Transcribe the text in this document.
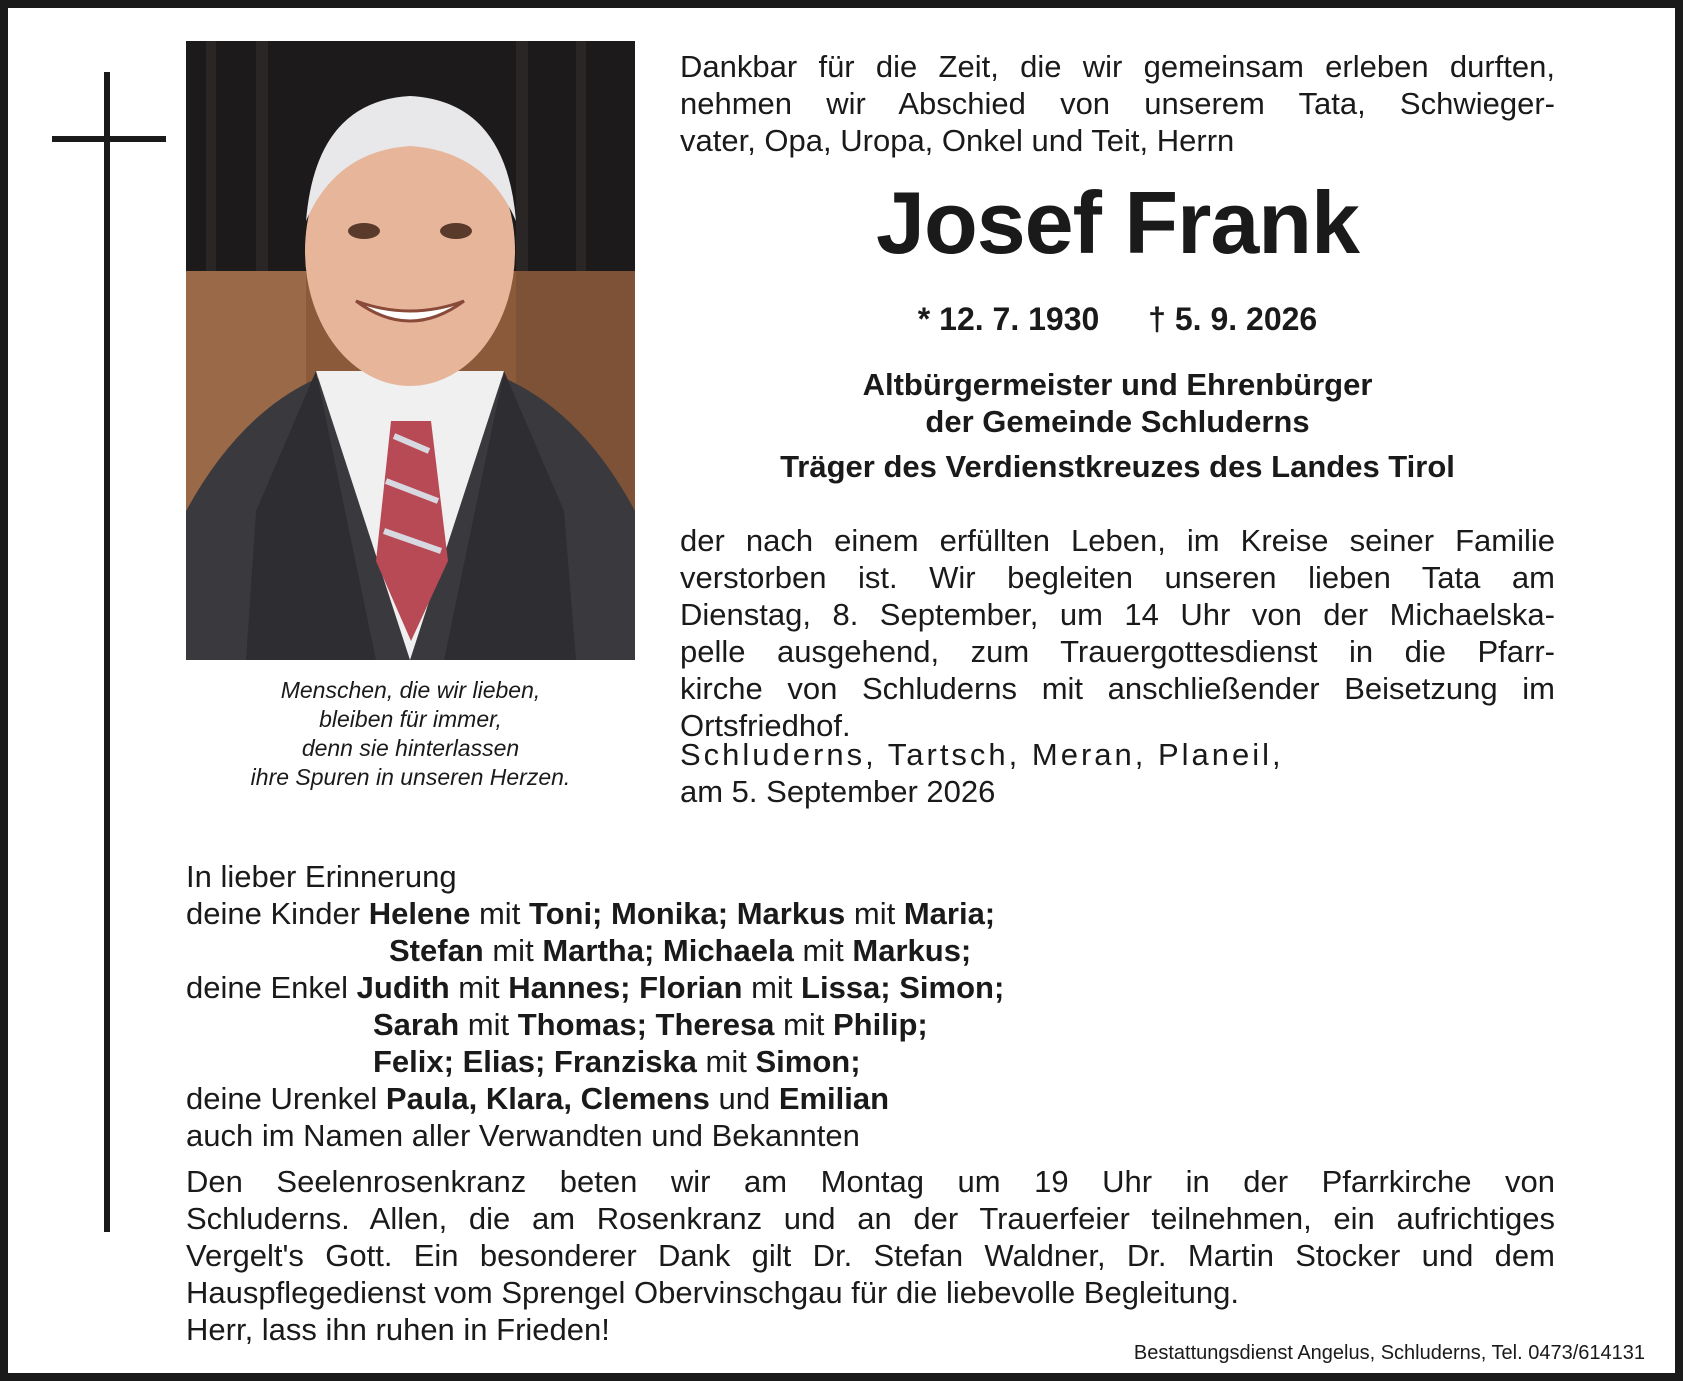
Menschen, die wir lieben,
bleiben für immer,
denn sie hinterlassen
ihre Spuren in unseren Herzen.
Dankbar für die Zeit, die wir gemeinsam erleben durften,
nehmen wir Abschied von unserem Tata, Schwieger-
vater, Opa, Uropa, Onkel und Teit, Herrn
Josef Frank
* 12. 7. 1930 † 5. 9. 2026
Altbürgermeister und Ehrenbürger
der Gemeinde Schluderns
Träger des Verdienstkreuzes des Landes Tirol
der nach einem erfüllten Leben, im Kreise seiner Familie
verstorben ist. Wir begleiten unseren lieben Tata am
Dienstag, 8. September, um 14 Uhr von der Michaelska-
pelle ausgehend, zum Trauergottesdienst in die Pfarr-
kirche von Schluderns mit anschließender Beisetzung im
Ortsfriedhof.
Schluderns, Tartsch, Meran, Planeil,
am 5. September 2026
In lieber Erinnerung
deine Kinder Helene mit Toni; Monika; Markus mit Maria;
Stefan mit Martha; Michaela mit Markus;
deine Enkel Judith mit Hannes; Florian mit Lissa; Simon;
Sarah mit Thomas; Theresa mit Philip;
Felix; Elias; Franziska mit Simon;
deine Urenkel Paula, Klara, Clemens und Emilian
auch im Namen aller Verwandten und Bekannten
Den Seelenrosenkranz beten wir am Montag um 19 Uhr in der Pfarrkirche von
Schluderns. Allen, die am Rosenkranz und an der Trauerfeier teilnehmen, ein aufrichtiges
Vergelt's Gott. Ein besonderer Dank gilt Dr. Stefan Waldner, Dr. Martin Stocker und dem
Hauspflegedienst vom Sprengel Obervinschgau für die liebevolle Begleitung.
Herr, lass ihn ruhen in Frieden!
Bestattungsdienst Angelus, Schluderns, Tel. 0473/614131
